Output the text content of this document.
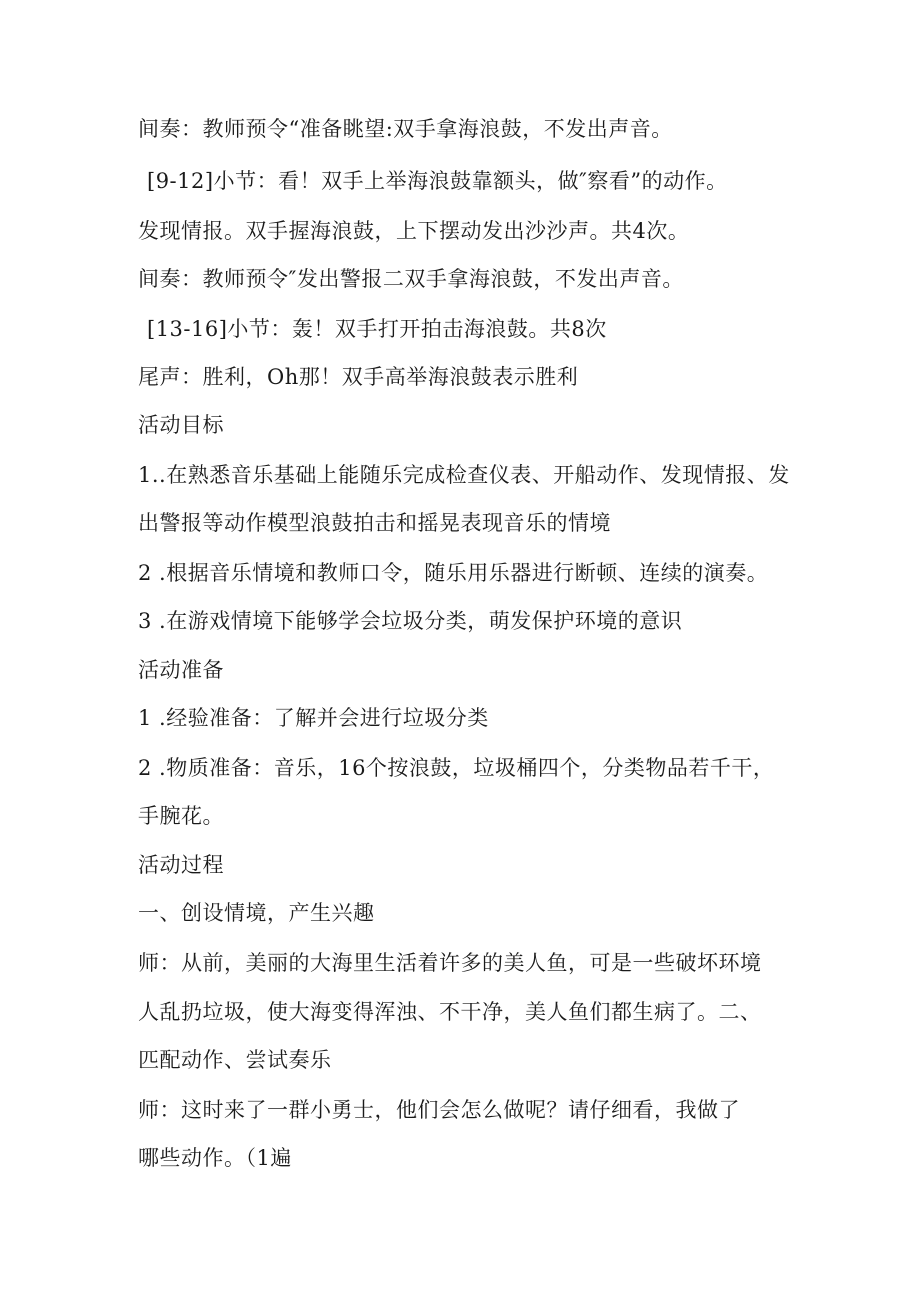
间奏：教师预令“准备眺望:双手拿海浪鼓，不发出声音。
[9-12]小节：看！双手上举海浪鼓靠额头，做″察看”的动作。
发现情报。双手握海浪鼓，上下摆动发出沙沙声。共4次。
间奏：教师预令″发出警报二双手拿海浪鼓，不发出声音。
[13-16]小节：轰！双手打开拍击海浪鼓。共8次
尾声：胜利，Oh那！双手高举海浪鼓表示胜利
活动目标
1..在熟悉音乐基础上能随乐完成检查仪表、开船动作、发现情报、发
出警报等动作模型浪鼓拍击和摇晃表现音乐的情境
2 .根据音乐情境和教师口令，随乐用乐器进行断顿、连续的演奏。
3 .在游戏情境下能够学会垃圾分类，萌发保护环境的意识
活动准备
1 .经验准备：了解并会进行垃圾分类
2 .物质准备：音乐，16个按浪鼓，垃圾桶四个，分类物品若千干，
手腕花。
活动过程
一、创设情境，产生兴趣
师：从前，美丽的大海里生活着许多的美人鱼，可是一些破坏环境
人乱扔垃圾，使大海变得浑浊、不干净，美人鱼们都生病了。二、
匹配动作、尝试奏乐
师：这时来了一群小勇士，他们会怎么做呢？请仔细看，我做了
哪些动作。（1遍
